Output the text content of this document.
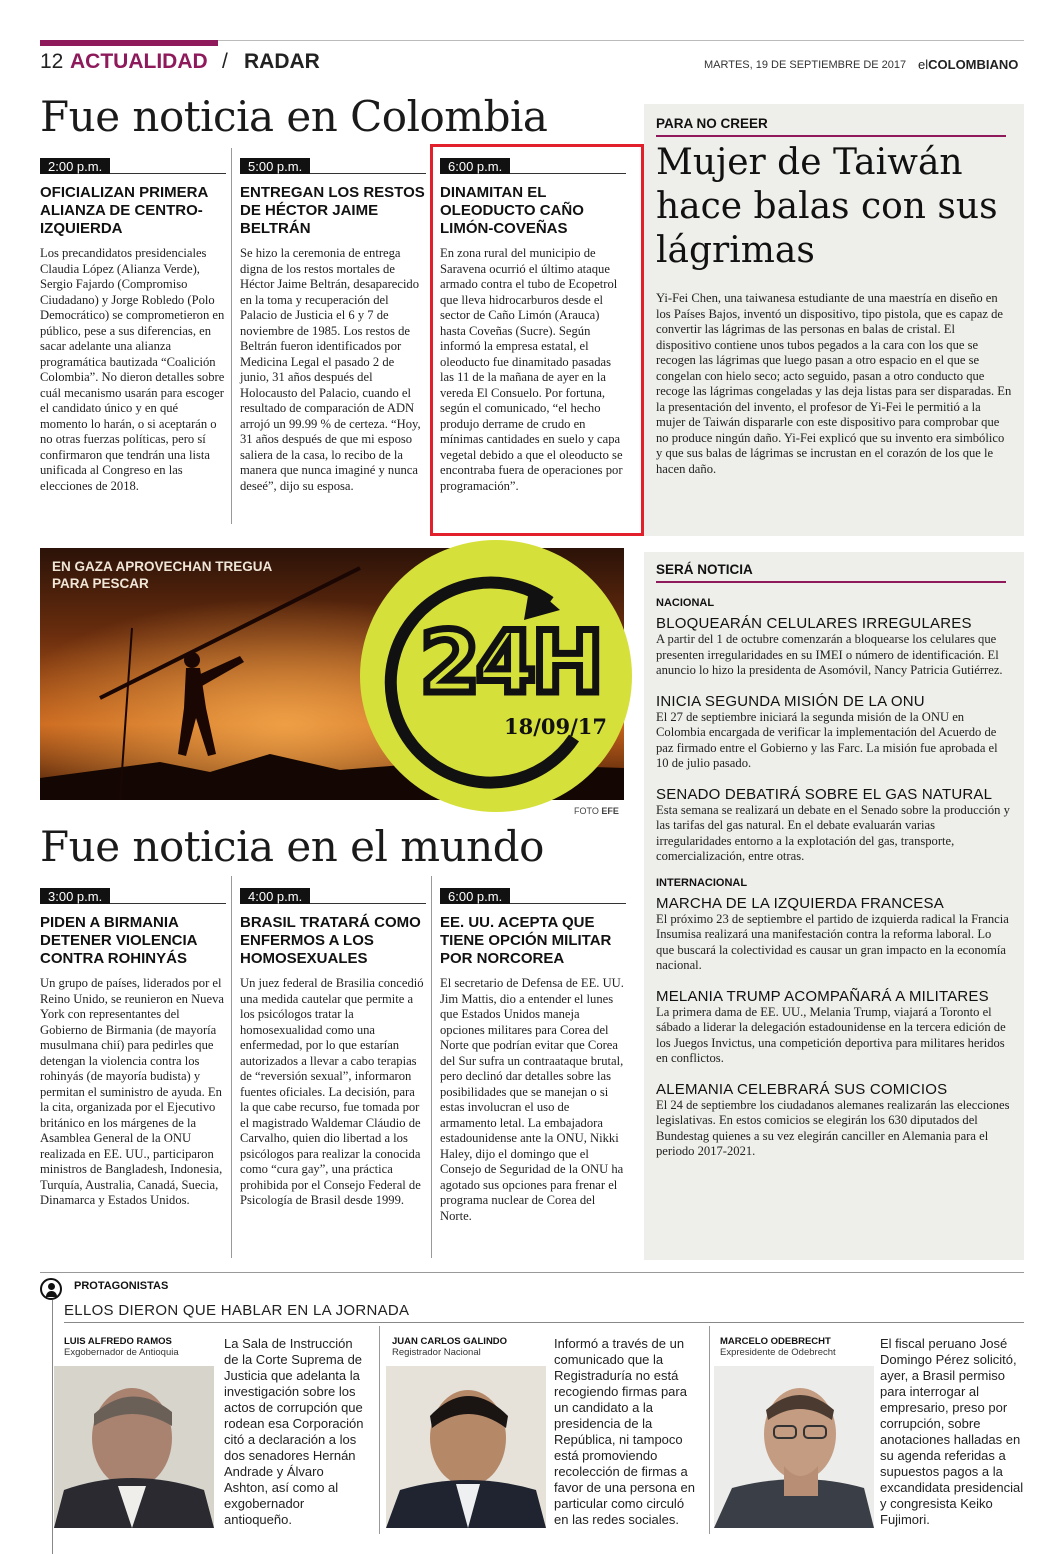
12 ACTUALIDAD / RADAR	MARTES, 19 DE SEPTIEMBRE DE 2017 elCOLOMBIANO
Fue noticia en Colombia
2:00 p.m.
OFICIALIZAN PRIMERA ALIANZA DE CENTRO-IZQUIERDA

Los precandidatos presidenciales Claudia López (Alianza Verde), Sergio Fajardo (Compromiso Ciudadano) y Jorge Robledo (Polo Democrático) se comprometieron en público, pese a sus diferencias, en sacar adelante una alianza programática bautizada “Coalición Colombia”. No dieron detalles sobre cuál mecanismo usarán para escoger el candidato único y en qué momento lo harán, o si aceptarán o no otras fuerzas políticas, pero sí confirmaron que tendrán una lista unificada al Congreso en las elecciones de 2018.

5:00 p.m.
ENTREGAN LOS RESTOS DE HÉCTOR JAIME BELTRÁN

Se hizo la ceremonia de entrega digna de los restos mortales de Héctor Jaime Beltrán, desaparecido en la toma y recuperación del Palacio de Justicia el 6 y 7 de noviembre de 1985. Los restos de Beltrán fueron identificados por Medicina Legal el pasado 2 de junio, 31 años después del Holocausto del Palacio, cuando el resultado de comparación de ADN arrojó un 99.99 % de certeza. “Hoy, 31 años después de que mi esposo saliera de la casa, lo recibo de la manera que nunca imaginé y nunca deseé”, dijo su esposa.

6:00 p.m.
DINAMITAN EL OLEODUCTO CAÑO LIMÓN-COVEÑAS

En zona rural del municipio de Saravena ocurrió el último ataque armado contra el tubo de Ecopetrol que lleva hidrocarburos desde el sector de Caño Limón (Arauca) hasta Coveñas (Sucre). Según informó la empresa estatal, el oleoducto fue dinamitado pasadas las 11 de la mañana de ayer en la vereda El Consuelo. Por fortuna, según el comunicado, “el hecho produjo derrame de crudo en mínimas cantidades en suelo y capa vegetal debido a que el oleoducto se encontraba fuera de operaciones por programación”.

PARA NO CREER
Mujer de Taiwán hace balas con sus lágrimas
Yi-Fei Chen, una taiwanesa estudiante de una maestría en diseño en los Países Bajos, inventó un dispositivo, tipo pistola, que es capaz de convertir las lágrimas de las personas en balas de cristal. El dispositivo contiene unos tubos pegados a la cara con los que se recogen las lágrimas que luego pasan a otro espacio en el que se congelan con hielo seco; acto seguido, pasan a otro conducto que recoge las lágrimas congeladas y las deja listas para ser disparadas. En la presentación del invento, el profesor de Yi-Fei le permitió a la mujer de Taiwán dispararle con este dispositivo para comprobar que no produce ningún daño. Yi-Fei explicó que su invento era simbólico y que sus balas de lágrimas se incrustan en el corazón de los que le hacen daño.
EN GAZA APROVECHAN TREGUA PARA PESCAR
24H
18/09/17
FOTO EFE
Fue noticia en el mundo
3:00 p.m.
PIDEN A BIRMANIA DETENER VIOLENCIA CONTRA ROHINYÁS

Un grupo de países, liderados por el Reino Unido, se reunieron en Nueva York con representantes del Gobierno de Birmania (de mayoría musulmana chií) para pedirles que detengan la violencia contra los rohinyás (de mayoría budista) y permitan el suministro de ayuda. En la cita, organizada por el Ejecutivo británico en los márgenes de la Asamblea General de la ONU realizada en EE. UU., participaron ministros de Bangladesh, Indonesia, Turquía, Australia, Canadá, Suecia, Dinamarca y Estados Unidos.

4:00 p.m.
BRASIL TRATARÁ COMO ENFERMOS A LOS HOMOSEXUALES

Un juez federal de Brasilia concedió una medida cautelar que permite a los psicólogos tratar la homosexualidad como una enfermedad, por lo que estarían autorizados a llevar a cabo terapias de “reversión sexual”, informaron fuentes oficiales. La decisión, para la que cabe recurso, fue tomada por el magistrado Waldemar Cláudio de Carvalho, quien dio libertad a los psicólogos para realizar la conocida como “cura gay”, una práctica prohibida por el Consejo Federal de Psicología de Brasil desde 1999.

6:00 p.m.
EE. UU. ACEPTA QUE TIENE OPCIÓN MILITAR POR NORCOREA

El secretario de Defensa de EE. UU. Jim Mattis, dio a entender el lunes que Estados Unidos maneja opciones militares para Corea del Norte que podrían evitar que Corea del Sur sufra un contraataque brutal, pero declinó dar detalles sobre las posibilidades que se manejan o si estas involucran el uso de armamento letal. La embajadora estadounidense ante la ONU, Nikki Haley, dijo el domingo que el Consejo de Seguridad de la ONU ha agotado sus opciones para frenar el programa nuclear de Corea del Norte.

SERÁ NOTICIA
NACIONAL
BLOQUEARÁN CELULARES IRREGULARES
A partir del 1 de octubre comenzarán a bloquearse los celulares que presenten irregularidades en su IMEI o número de identificación. El anuncio lo hizo la presidenta de Asomóvil, Nancy Patricia Gutiérrez.
INICIA SEGUNDA MISIÓN DE LA ONU
El 27 de septiembre iniciará la segunda misión de la ONU en Colombia encargada de verificar la implementación del Acuerdo de paz firmado entre el Gobierno y las Farc. La misión fue aprobada el 10 de julio pasado.
SENADO DEBATIRÁ SOBRE EL GAS NATURAL
Esta semana se realizará un debate en el Senado sobre la producción y las tarifas del gas natural. En el debate evaluarán varias irregularidades entorno a la explotación del gas, transporte, comercialización, entre otras.
INTERNACIONAL
MARCHA DE LA IZQUIERDA FRANCESA
El próximo 23 de septiembre el partido de izquierda radical la Francia Insumisa realizará una manifestación contra la reforma laboral. Lo que buscará la colectividad es causar un gran impacto en la economía nacional.
MELANIA TRUMP ACOMPAÑARÁ A MILITARES
La primera dama de EE. UU., Melania Trump, viajará a Toronto el sábado a liderar la delegación estadounidense en la tercera edición de los Juegos Invictus, una competición deportiva para militares heridos en conflictos.
ALEMANIA CELEBRARÁ SUS COMICIOS
El 24 de septiembre los ciudadanos alemanes realizarán las elecciones legislativas. En estos comicios se elegirán los 630 diputados del Bundestag quienes a su vez elegirán canciller en Alemania para el periodo 2017-2021.
PROTAGONISTAS
ELLOS DIERON QUE HABLAR EN LA JORNADA
LUIS ALFREDO RAMOS
Exgobernador de Antioquia
La Sala de Instrucción de la Corte Suprema de Justicia que adelanta la investigación sobre los actos de corrupción que rodean esa Corporación citó a declaración a los dos senadores Hernán Andrade y Álvaro Ashton, así como al exgobernador antioqueño.
JUAN CARLOS GALINDO
Registrador Nacional
Informó a través de un comunicado que la Registraduría no está recogiendo firmas para un candidato a la presidencia de la República, ni tampoco está promoviendo recolección de firmas a favor de una persona en particular como circuló en las redes sociales.
MARCELO ODEBRECHT
Expresidente de Odebrecht
El fiscal peruano José Domingo Pérez solicitó, ayer, a Brasil permiso para interrogar al empresario, preso por corrupción, sobre anotaciones halladas en su agenda referidas a supuestos pagos a la excandidata presidencial y congresista Keiko Fujimori.
